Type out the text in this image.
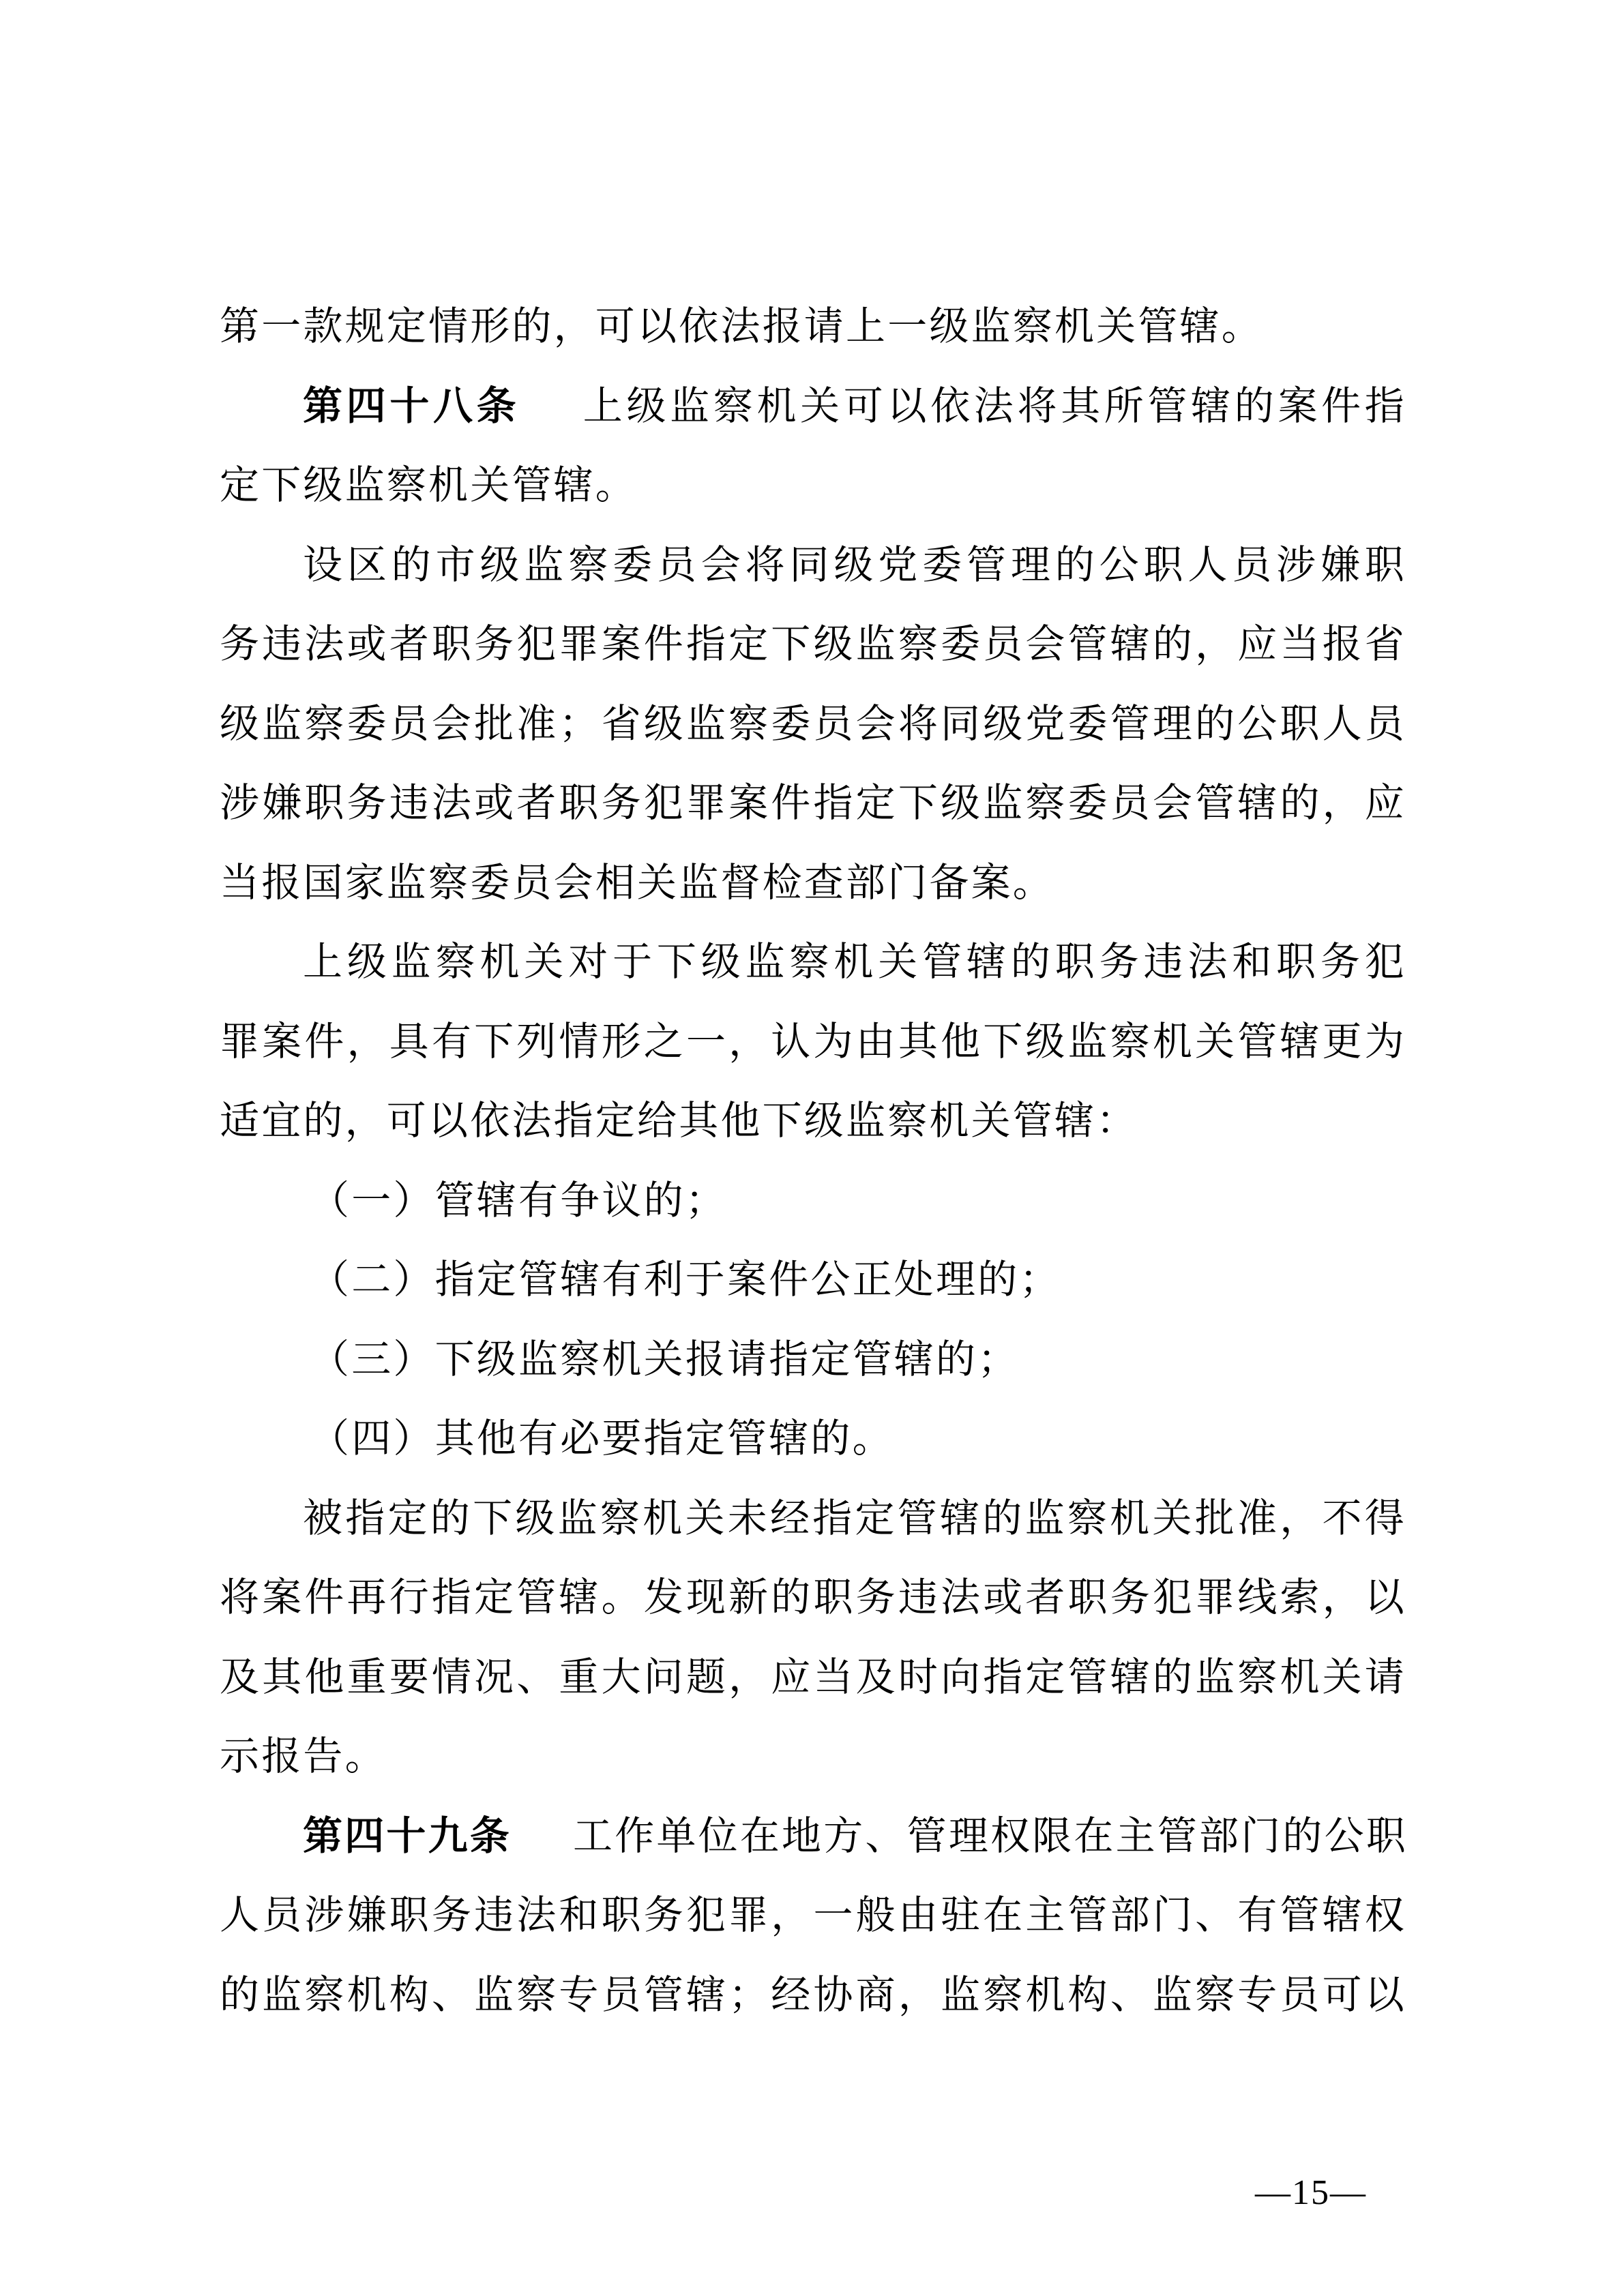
第一款规定情形的，可以依法报请上一级监察机关管辖。
第四十八条 上级监察机关可以依法将其所管辖的案件指
定下级监察机关管辖。
设区的市级监察委员会将同级党委管理的公职人员涉嫌职
务违法或者职务犯罪案件指定下级监察委员会管辖的，应当报省
级监察委员会批准；省级监察委员会将同级党委管理的公职人员
涉嫌职务违法或者职务犯罪案件指定下级监察委员会管辖的，应
当报国家监察委员会相关监督检查部门备案。
上级监察机关对于下级监察机关管辖的职务违法和职务犯
罪案件，具有下列情形之一，认为由其他下级监察机关管辖更为
适宜的，可以依法指定给其他下级监察机关管辖：
（一）管辖有争议的；
（二）指定管辖有利于案件公正处理的；
（三）下级监察机关报请指定管辖的；
（四）其他有必要指定管辖的。
被指定的下级监察机关未经指定管辖的监察机关批准，不得
将案件再行指定管辖。发现新的职务违法或者职务犯罪线索，以
及其他重要情况、重大问题，应当及时向指定管辖的监察机关请
示报告。
第四十九条 工作单位在地方、管理权限在主管部门的公职
人员涉嫌职务违法和职务犯罪，一般由驻在主管部门、有管辖权
的监察机构、监察专员管辖；经协商，监察机构、监察专员可以
—15—
